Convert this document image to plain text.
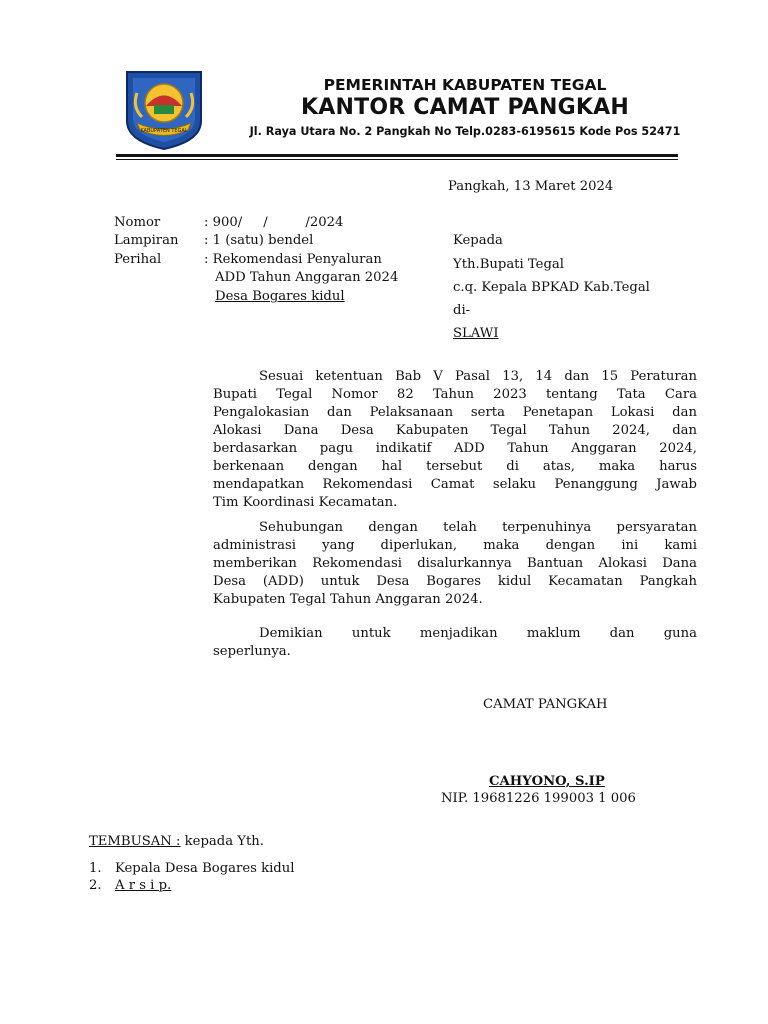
KABUPATEN TEGAL
PEMERINTAH KABUPATEN TEGAL
KANTOR CAMAT PANGKAH
Jl. Raya Utara No. 2 Pangkah No Telp.0283-6195615 Kode Pos 52471
Pangkah, 13 Maret 2024
Nomor	: 900/     /         /2024
Lampiran : 1 (satu) bendel
Perihal	: Rekomendasi Penyaluran
ADD Tahun Anggaran 2024
Desa Bogares kidul
Kepada
Yth.Bupati Tegal
c.q. Kepala BPKAD Kab.Tegal
di-
SLAWI
Sesuai ketentuan Bab V Pasal 13, 14 dan 15 Peraturan
Bupati Tegal Nomor 82 Tahun 2023 tentang Tata Cara
Pengalokasian dan Pelaksanaan serta Penetapan Lokasi dan
Alokasi Dana Desa Kabupaten Tegal Tahun 2024, dan
berdasarkan pagu indikatif ADD Tahun Anggaran 2024,
berkenaan dengan hal tersebut di atas, maka harus
mendapatkan Rekomendasi Camat selaku Penanggung Jawab
Tim Koordinasi Kecamatan.
Sehubungan dengan telah terpenuhinya persyaratan
administrasi yang diperlukan, maka dengan ini kami
memberikan Rekomendasi disalurkannya Bantuan Alokasi Dana
Desa (ADD) untuk Desa Bogares kidul Kecamatan Pangkah
Kabupaten Tegal Tahun Anggaran 2024.
Demikian untuk menjadikan maklum dan guna
seperlunya.
CAMAT PANGKAH
CAHYONO, S.IP
NIP. 19681226 199003 1 006
TEMBUSAN : kepada Yth.
1. Kepala Desa Bogares kidul
2. A r s i p.
